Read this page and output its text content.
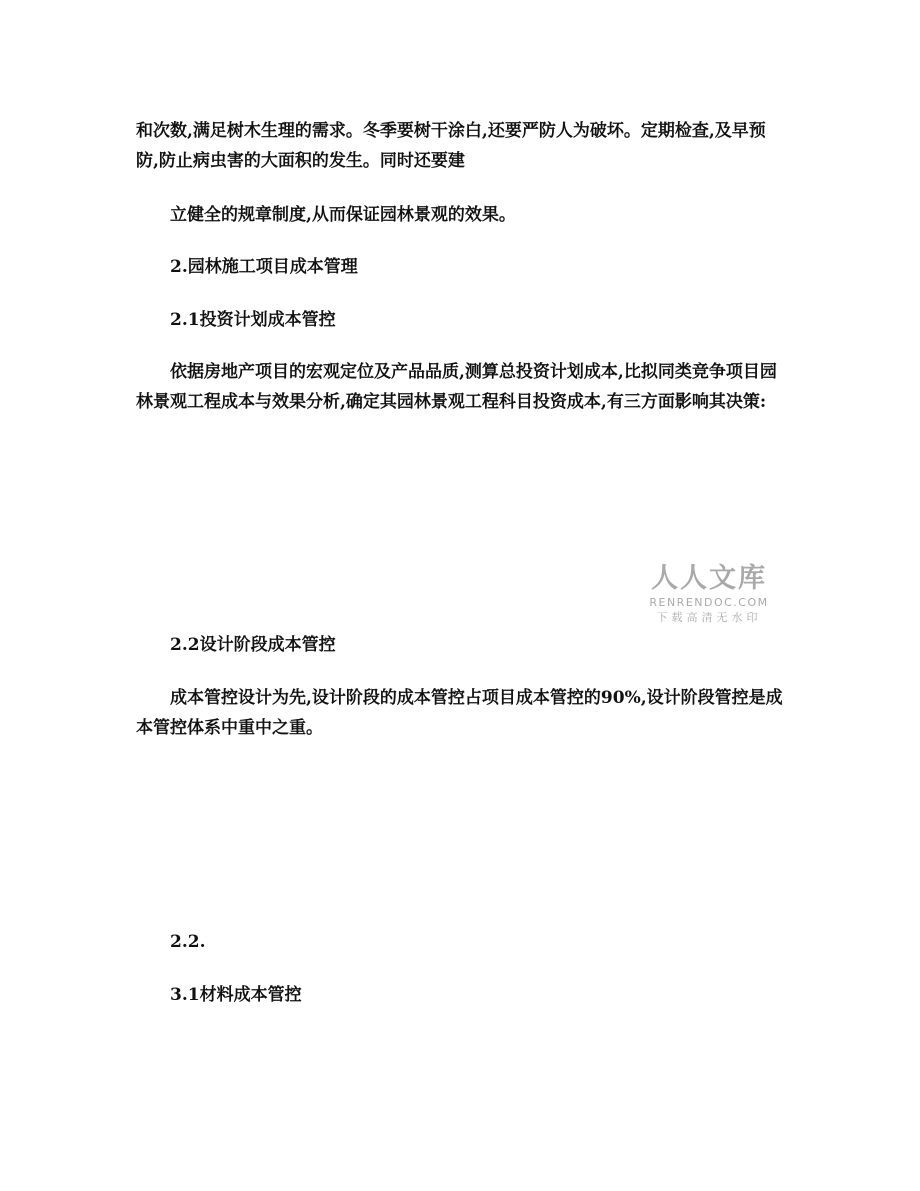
和次数,满足树木生理的需求。冬季要树干涂白,还要严防人为破坏。定期检查,及早预防,防止病虫害的大面积的发生。同时还要建

立健全的规章制度,从而保证园林景观的效果。

2.园林施工项目成本管理

2.1投资计划成本管控

依据房地产项目的宏观定位及产品品质,测算总投资计划成本,比拟同类竞争项目园林景观工程成本与效果分析,确定其园林景观工程科目投资成本,有三方面影响其决策:

人人文库
RENRENDOC.COM
下载高清无水印

2.2设计阶段成本管控

成本管控设计为先,设计阶段的成本管控占项目成本管控的90%,设计阶段管控是成本管控体系中重中之重。

2.2.

3.1材料成本管控
